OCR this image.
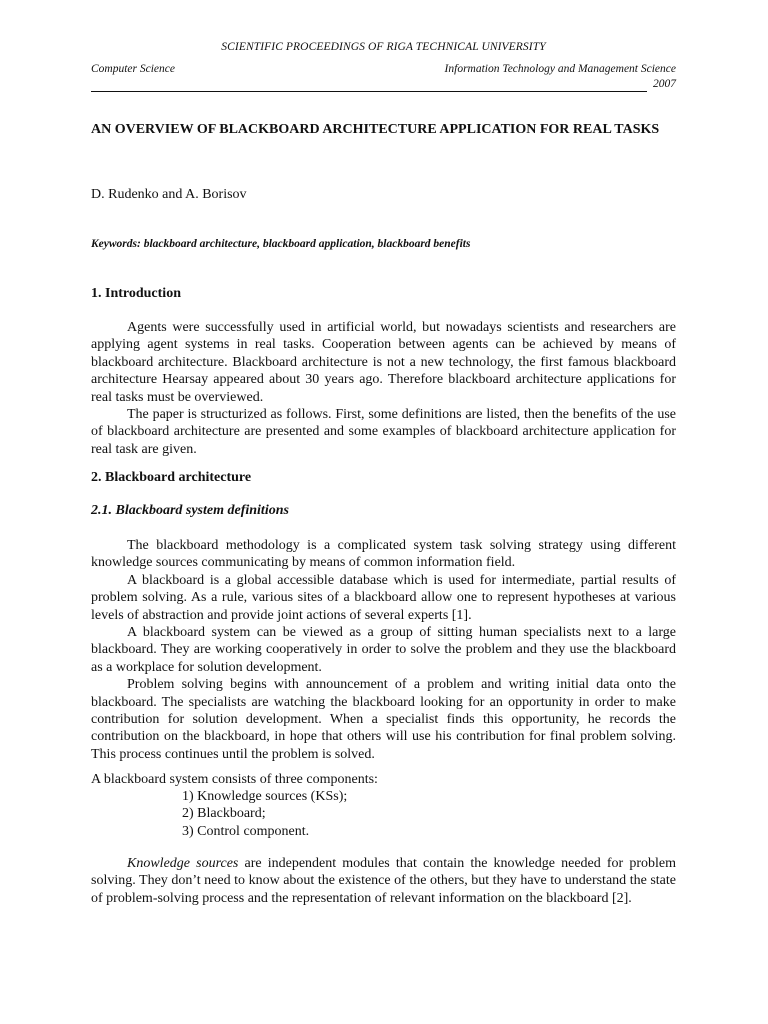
SCIENTIFIC PROCEEDINGS OF RIGA TECHNICAL UNIVERSITY
Computer Science	Information Technology and Management Science
2007
AN OVERVIEW OF BLACKBOARD ARCHITECTURE APPLICATION FOR REAL TASKS
D. Rudenko and A. Borisov
Keywords: blackboard architecture, blackboard application, blackboard benefits
1. Introduction

Agents were successfully used in artificial world, but nowadays scientists and researchers are applying agent systems in real tasks. Cooperation between agents can be achieved by means of blackboard architecture. Blackboard architecture is not a new technology, the first famous blackboard architecture Hearsay appeared about 30 years ago. Therefore blackboard architecture applications for real tasks must be overviewed.

The paper is structurized as follows. First, some definitions are listed, then the benefits of the use of blackboard architecture are presented and some examples of blackboard architecture application for real task are given.

2. Blackboard architecture
2.1. Blackboard system definitions

The blackboard methodology is a complicated system task solving strategy using different knowledge sources communicating by means of common information field.

A blackboard is a global accessible database which is used for intermediate, partial results of problem solving. As a rule, various sites of a blackboard allow one to represent hypotheses at various levels of abstraction and provide joint actions of several experts [1].

A blackboard system can be viewed as a group of sitting human specialists next to a large blackboard. They are working cooperatively in order to solve the problem and they use the blackboard as a workplace for solution development.

Problem solving begins with announcement of a problem and writing initial data onto the blackboard. The specialists are watching the blackboard looking for an opportunity in order to make contribution for solution development. When a specialist finds this opportunity, he records the contribution on the blackboard, in hope that others will use his contribution for final problem solving. This process continues until the problem is solved.

A blackboard system consists of three components:

1) Knowledge sources (KSs);
2) Blackboard;
3) Control component.

Knowledge sources are independent modules that contain the knowledge needed for problem solving. They don’t need to know about the existence of the others, but they have to understand the state of problem-solving process and the representation of relevant information on the blackboard [2].
